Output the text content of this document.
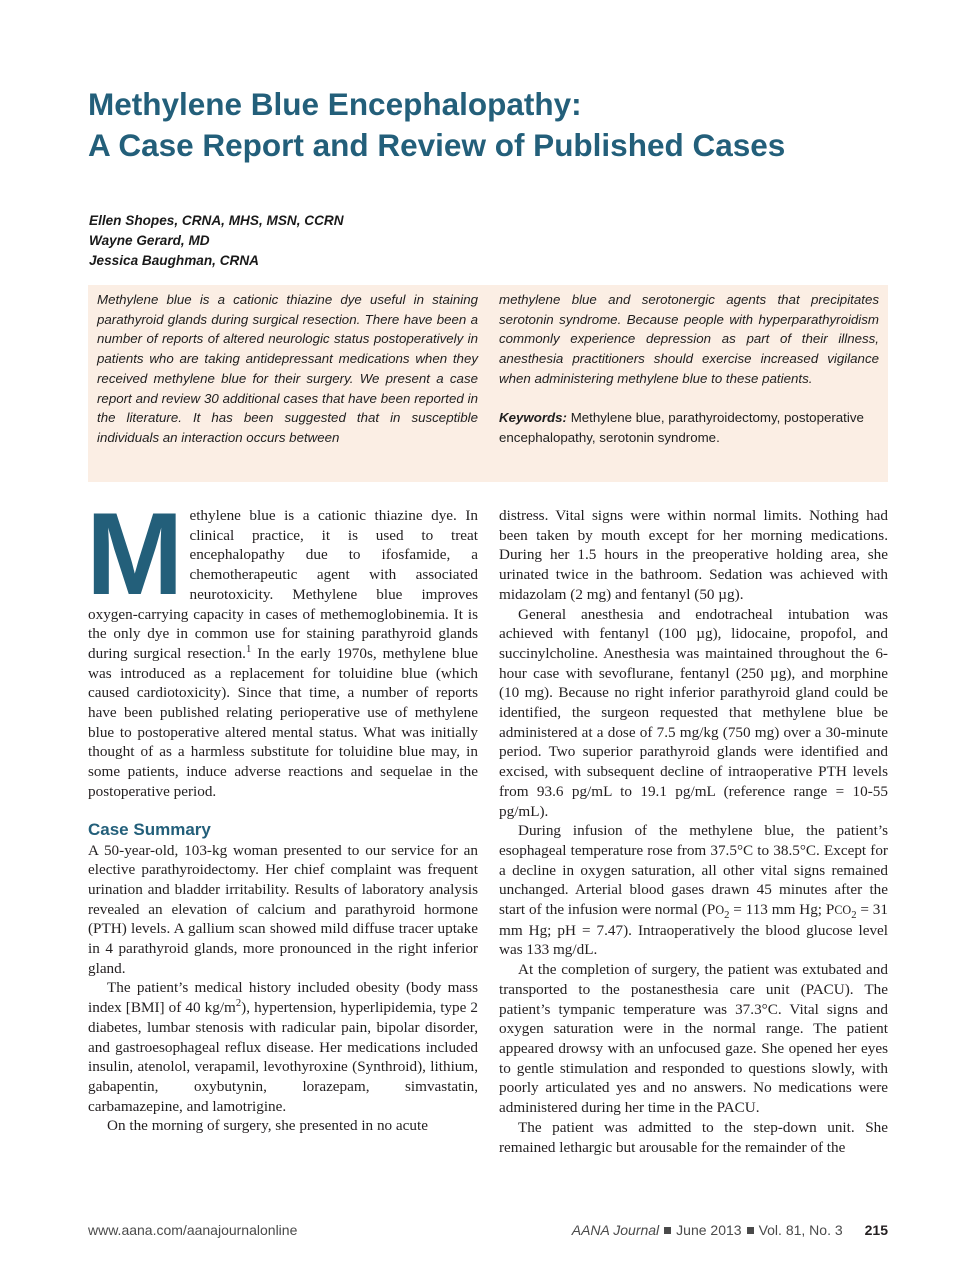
Methylene Blue Encephalopathy:
A Case Report and Review of Published Cases
Ellen Shopes, CRNA, MHS, MSN, CCRN
Wayne Gerard, MD
Jessica Baughman, CRNA
Methylene blue is a cationic thiazine dye useful in staining parathyroid glands during surgical resection. There have been a number of reports of altered neurologic status postoperatively in patients who are taking antidepressant medications when they received methylene blue for their surgery. We present a case report and review 30 additional cases that have been reported in the literature. It has been suggested that in susceptible individuals an interaction occurs between
methylene blue and serotonergic agents that precipitates serotonin syndrome. Because people with hyperparathyroidism commonly experience depression as part of their illness, anesthesia practitioners should exercise increased vigilance when administering methylene blue to these patients.
Keywords: Methylene blue, parathyroidectomy, postoperative encephalopathy, serotonin syndrome.

Methylene blue is a cationic thiazine dye. In clinical practice, it is used to treat encephalopathy due to ifosfamide, a chemotherapeutic agent with associated neurotoxicity. Methylene blue improves oxygen-carrying capacity in cases of methemoglobinemia. It is the only dye in common use for staining parathyroid glands during surgical resection.$^1$ In the early 1970s, methylene blue was introduced as a replacement for toluidine blue (which caused cardiotoxicity). Since that time, a number of reports have been published relating perioperative use of methylene blue to postoperative altered mental status. What was initially thought of as a harmless substitute for toluidine blue may, in some patients, induce adverse reactions and sequelae in the postoperative period.

Case Summary

A 50-year-old, 103-kg woman presented to our service for an elective parathyroidectomy. Her chief complaint was frequent urination and bladder irritability. Results of laboratory analysis revealed an elevation of calcium and parathyroid hormone (PTH) levels. A gallium scan showed mild diffuse tracer uptake in 4 parathyroid glands, more pronounced in the right inferior gland.

The patient’s medical history included obesity (body mass index [BMI] of 40 $kg/m^2$), hypertension, hyperlipidemia, type 2 diabetes, lumbar stenosis with radicular pain, bipolar disorder, and gastroesophageal reflux disease. Her medications included insulin, atenolol, verapamil, levothyroxine (Synthroid), lithium, gabapentin, oxybutynin, lorazepam, simvastatin, carbamazepine, and lamotrigine.

On the morning of surgery, she presented in no acute

distress. Vital signs were within normal limits. Nothing had been taken by mouth except for her morning medications. During her 1.5 hours in the preoperative holding area, she urinated twice in the bathroom. Sedation was achieved with midazolam (2 mg) and fentanyl (50 µg).

General anesthesia and endotracheal intubation was achieved with fentanyl (100 µg), lidocaine, propofol, and succinylcholine. Anesthesia was maintained throughout the 6-hour case with sevoflurane, fentanyl (250 µg), and morphine (10 mg). Because no right inferior parathyroid gland could be identified, the surgeon requested that methylene blue be administered at a dose of 7.5 mg/kg (750 mg) over a 30-minute period. Two superior parathyroid glands were identified and excised, with subsequent decline of intraoperative PTH levels from 93.6 pg/mL to 19.1 pg/mL (reference range = 10-55 pg/mL).

During infusion of the methylene blue, the patient’s esophageal temperature rose from 37.5°C to 38.5°C. Except for a decline in oxygen saturation, all other vital signs remained unchanged. Arterial blood gases drawn 45 minutes after the start of the infusion were normal ($PO_2 = 113$ mm Hg; $PCO_2 = 31$ mm Hg; pH = 7.47). Intraoperatively the blood glucose level was 133 mg/dL.

At the completion of surgery, the patient was extubated and transported to the postanesthesia care unit (PACU). The patient’s tympanic temperature was 37.3°C. Vital signs and oxygen saturation were in the normal range. The patient appeared drowsy with an unfocused gaze. She opened her eyes to gentle stimulation and responded to questions slowly, with poorly articulated yes and no answers. No medications were administered during her time in the PACU.

The patient was admitted to the step-down unit. She remained lethargic but arousable for the remainder of the

www.aana.com/aanajournalonline	AANA Journal June 2013 Vol. 81, No. 3 215
